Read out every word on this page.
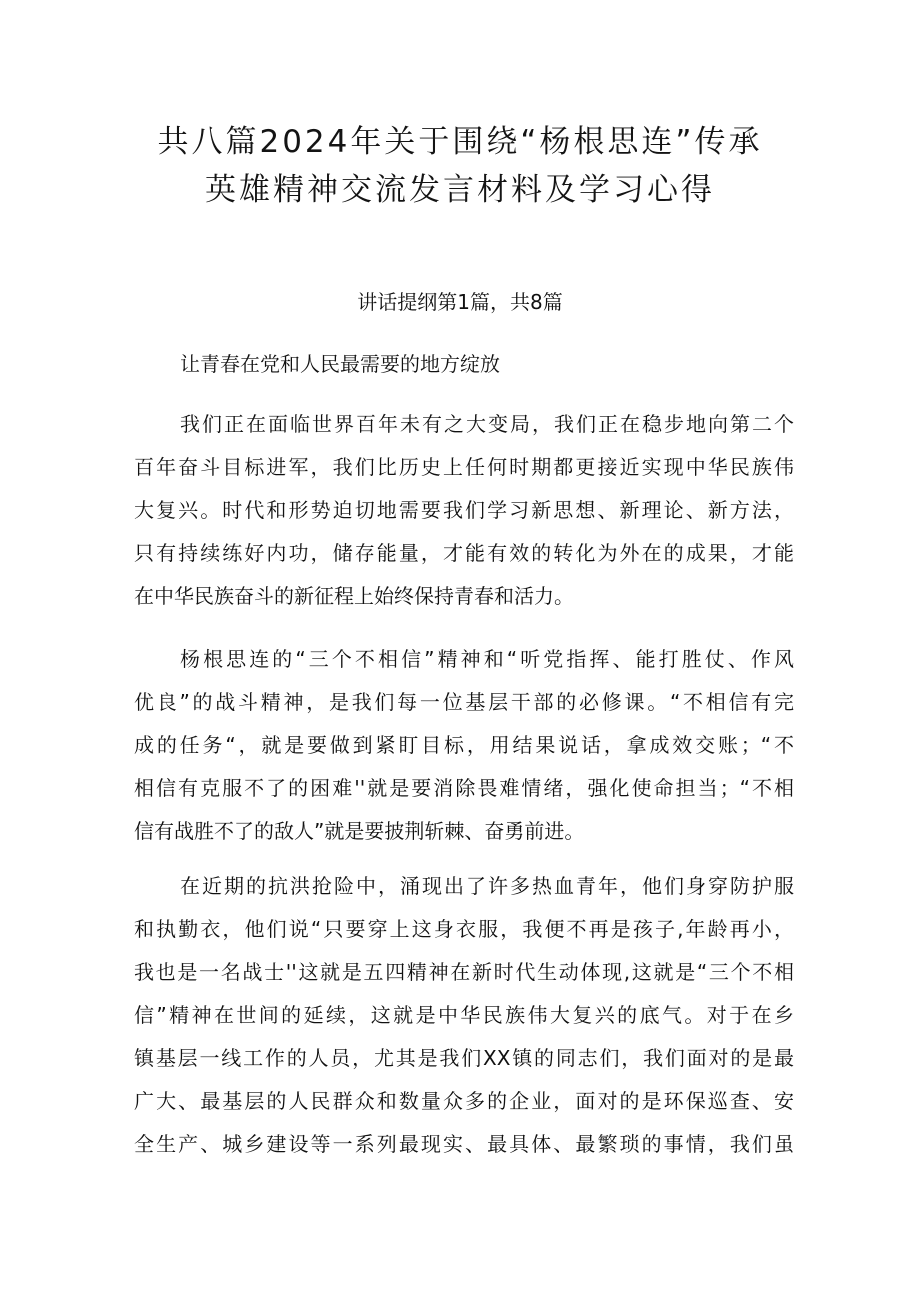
共八篇2024年关于围绕“杨根思连”传承
英雄精神交流发言材料及学习心得

讲话提纲第1篇，共8篇

让青春在党和人民最需要的地方绽放

我们正在面临世界百年未有之大变局，我们正在稳步地向第二个
百年奋斗目标进军，我们比历史上任何时期都更接近实现中华民族伟
大复兴。时代和形势迫切地需要我们学习新思想、新理论、新方法，
只有持续练好内功，储存能量，才能有效的转化为外在的成果，才能
在中华民族奋斗的新征程上始终保持青春和活力。

杨根思连的“三个不相信”精神和“听党指挥、能打胜仗、作风
优良”的战斗精神，是我们每一位基层干部的必修课。“不相信有完
成的任务“，就是要做到紧盯目标，用结果说话，拿成效交账；“不
相信有克服不了的困难''就是要消除畏难情绪，强化使命担当；“不相
信有战胜不了的敌人”就是要披荆斩棘、奋勇前进。

在近期的抗洪抢险中，涌现出了许多热血青年，他们身穿防护服
和执勤衣，他们说“只要穿上这身衣服，我便不再是孩子,年龄再小，
我也是一名战士''这就是五四精神在新时代生动体现,这就是“三个不相
信”精神在世间的延续，这就是中华民族伟大复兴的底气。对于在乡
镇基层一线工作的人员，尤其是我们XX镇的同志们，我们面对的是最
广大、最基层的人民群众和数量众多的企业，面对的是环保巡查、安
全生产、城乡建设等一系列最现实、最具体、最繁琐的事情，我们虽
